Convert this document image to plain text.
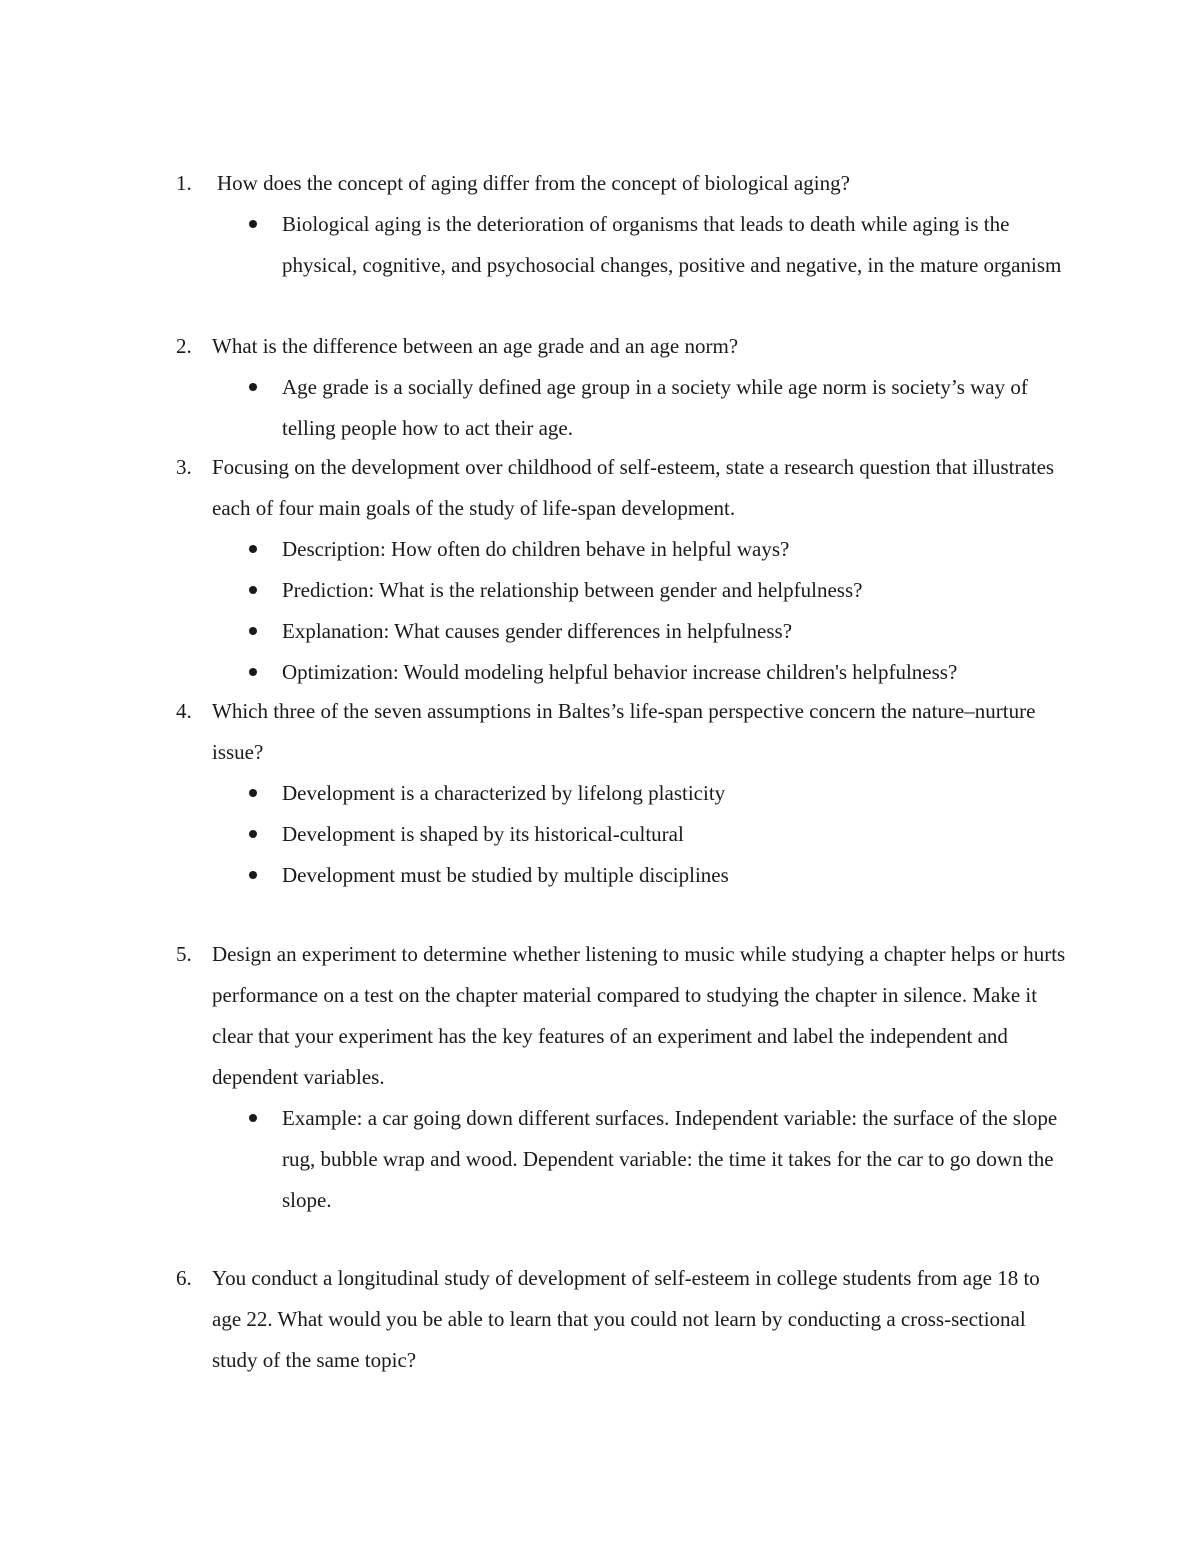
1.	How does the concept of aging differ from the concept of biological aging?
Biological aging is the deterioration of organisms that leads to death while aging is the physical, cognitive, and psychosocial changes, positive and negative, in the mature organism
2. What is the difference between an age grade and an age norm?
Age grade is a socially defined age group in a society while age norm is society’s way of telling people how to act their age.
3. Focusing on the development over childhood of self-esteem, state a research question that illustrates each of four main goals of the study of life-span development.
Description: How often do children behave in helpful ways?
Prediction: What is the relationship between gender and helpfulness?
Explanation: What causes gender differences in helpfulness?
Optimization: Would modeling helpful behavior increase children's helpfulness?
4. Which three of the seven assumptions in Baltes’s life-span perspective concern the nature–nurture issue?
Development is a characterized by lifelong plasticity
Development is shaped by its historical-cultural
Development must be studied by multiple disciplines
5. Design an experiment to determine whether listening to music while studying a chapter helps or hurts performance on a test on the chapter material compared to studying the chapter in silence. Make it clear that your experiment has the key features of an experiment and label the independent and dependent variables.
Example: a car going down different surfaces. Independent variable: the surface of the slope rug, bubble wrap and wood. Dependent variable: the time it takes for the car to go down the slope.
6. You conduct a longitudinal study of development of self-esteem in college students from age 18 to age 22. What would you be able to learn that you could not learn by conducting a cross-sectional study of the same topic?
